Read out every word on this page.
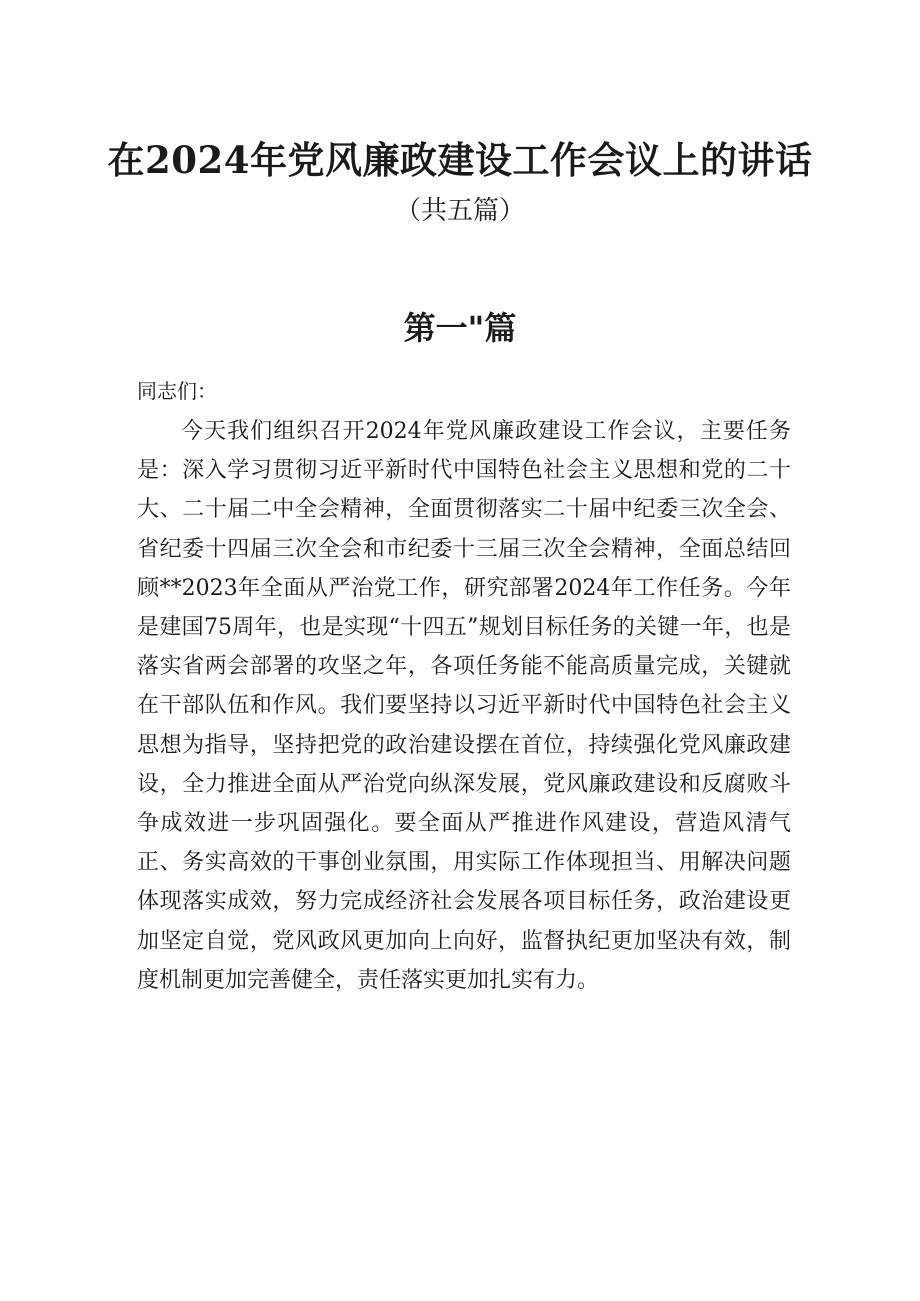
在2024年党风廉政建设工作会议上的讲话
（共五篇）
第一"篇
同志们：

今天我们组织召开2024年党风廉政建设工作会议，主要任务是：深入学习贯彻习近平新时代中国特色社会主义思想和党的二十大、二十届二中全会精神，全面贯彻落实二十届中纪委三次全会、省纪委十四届三次全会和市纪委十三届三次全会精神，全面总结回顾**2023年全面从严治党工作，研究部署2024年工作任务。今年是建国75周年，也是实现“十四五”规划目标任务的关键一年，也是落实省两会部署的攻坚之年，各项任务能不能高质量完成，关键就在干部队伍和作风。我们要坚持以习近平新时代中国特色社会主义思想为指导，坚持把党的政治建设摆在首位，持续强化党风廉政建设，全力推进全面从严治党向纵深发展，党风廉政建设和反腐败斗争成效进一步巩固强化。要全面从严推进作风建设，营造风清气正、务实高效的干事创业氛围，用实际工作体现担当、用解决问题体现落实成效，努力完成经济社会发展各项目标任务，政治建设更加坚定自觉，党风政风更加向上向好，监督执纪更加坚决有效，制度机制更加完善健全，责任落实更加扎实有力。
